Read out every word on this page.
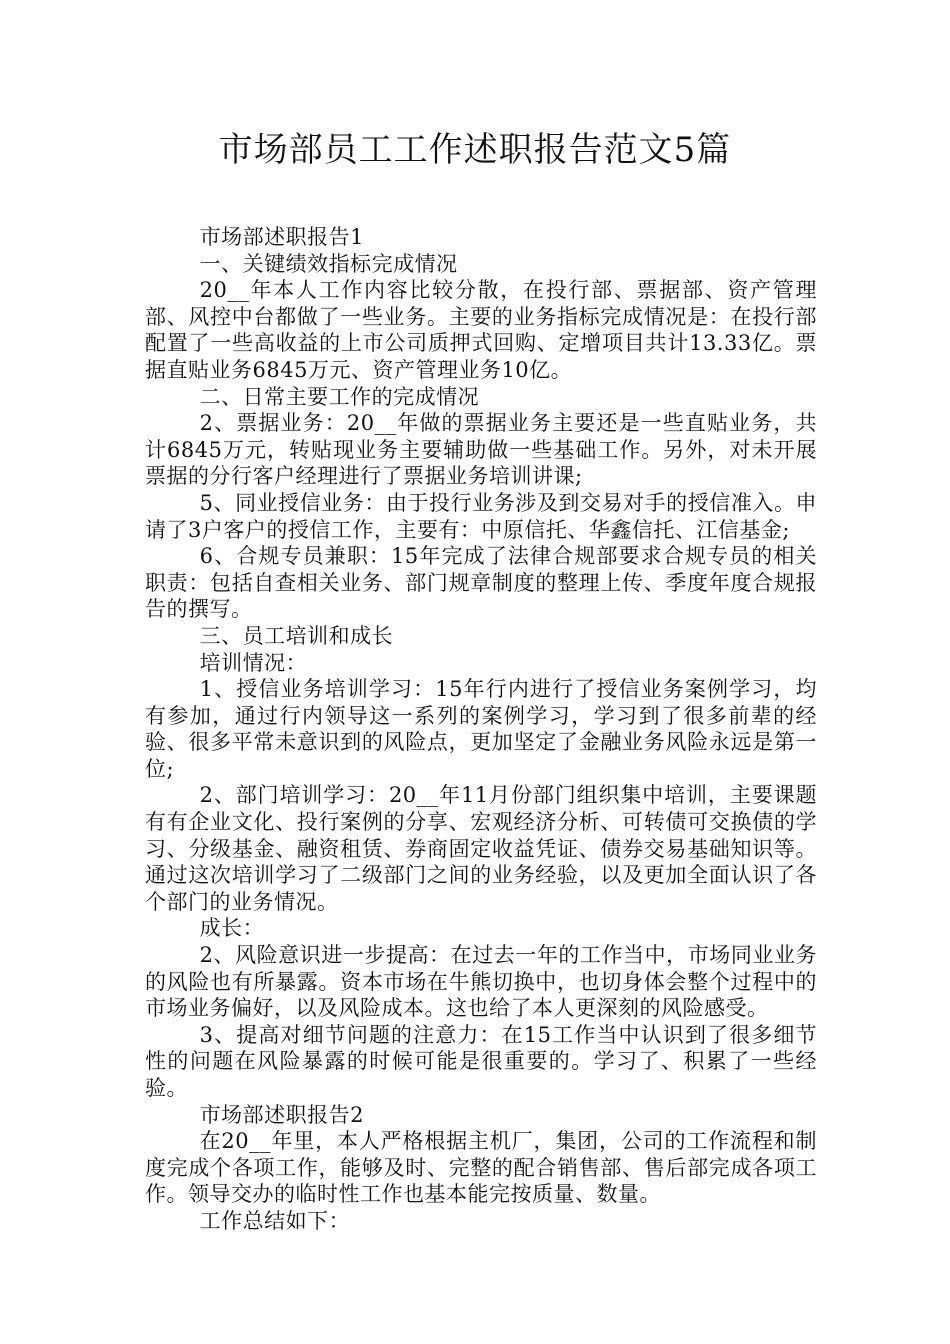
市场部员工工作述职报告范文5篇

市场部述职报告1

一、关键绩效指标完成情况

20__年本人工作内容比较分散，在投行部、票据部、资产管理部、风控中台都做了一些业务。主要的业务指标完成情况是：在投行部配置了一些高收益的上市公司质押式回购、定增项目共计13.33亿。票据直贴业务6845万元、资产管理业务10亿。

二、日常主要工作的完成情况

2、票据业务：20__年做的票据业务主要还是一些直贴业务，共计6845万元，转贴现业务主要辅助做一些基础工作。另外，对未开展票据的分行客户经理进行了票据业务培训讲课;

5、同业授信业务：由于投行业务涉及到交易对手的授信准入。申请了3户客户的授信工作，主要有：中原信托、华鑫信托、江信基金;

6、合规专员兼职：15年完成了法律合规部要求合规专员的相关职责：包括自查相关业务、部门规章制度的整理上传、季度年度合规报告的撰写。

三、员工培训和成长

培训情况：

1、授信业务培训学习：15年行内进行了授信业务案例学习，均有参加，通过行内领导这一系列的案例学习，学习到了很多前辈的经验、很多平常未意识到的风险点，更加坚定了金融业务风险永远是第一位;

2、部门培训学习：20__年11月份部门组织集中培训，主要课题有有企业文化、投行案例的分享、宏观经济分析、可转债可交换债的学习、分级基金、融资租赁、券商固定收益凭证、债券交易基础知识等。通过这次培训学习了二级部门之间的业务经验，以及更加全面认识了各个部门的业务情况。

成长：

2、风险意识进一步提高：在过去一年的工作当中，市场同业业务的风险也有所暴露。资本市场在牛熊切换中，也切身体会整个过程中的市场业务偏好，以及风险成本。这也给了本人更深刻的风险感受。

3、提高对细节问题的注意力：在15工作当中认识到了很多细节性的问题在风险暴露的时候可能是很重要的。学习了、积累了一些经验。

市场部述职报告2

在20__年里，本人严格根据主机厂，集团，公司的工作流程和制度完成个各项工作，能够及时、完整的配合销售部、售后部完成各项工作。领导交办的临时性工作也基本能完按质量、数量。

工作总结如下：
